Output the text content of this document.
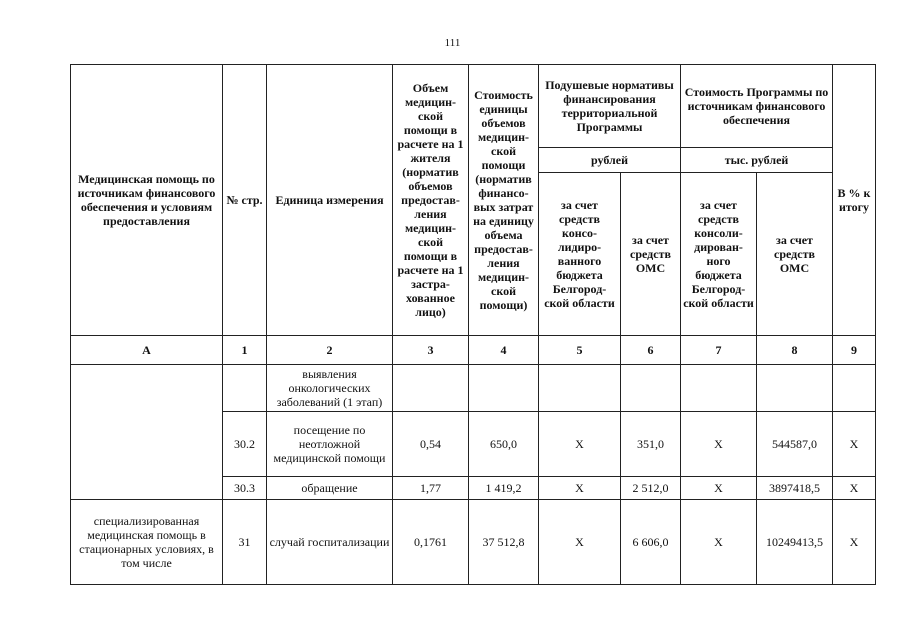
111
Медицинская помощь по источникам финансового обеспечения и условиям предоставления	№ стр.	Единица измерения	Объем медицин-ской помощи в расчете на 1 жителя (норматив объемов предостав-ления медицин-ской помощи в расчете на 1 застра-хованное лицо)	Стоимость единицы объемов медицин-ской помощи (норматив финансо-вых затрат на единицу объема предостав-ления медицин-ской помощи)	Подушевые нормативы финансирования территориальной Программы		Стоимость Программы по источникам финансового обеспечения		В % к итогу
					рублей		тыс. рублей		
					за счет средств консо-лидиро-ванного бюджета Белгород-ской области	за счет средств ОМС	за счет средств консоли-дирован-ного бюджета Белгород-ской области	за счет средств ОМС	
А	1	2	3	4	5	6	7	8	9
		выявления онкологических заболеваний (1 этап)							
	30.2	посещение по неотложной медицинской помощи	0,54	650,0	Х	351,0	Х	544587,0	Х
	30.3	обращение	1,77	1 419,2	Х	2 512,0	Х	3897418,5	Х
специализированная медицинская помощь в стационарных условиях, в том числе	31	случай госпитализации	0,1761	37 512,8	Х	6 606,0	Х	10249413,5	Х
